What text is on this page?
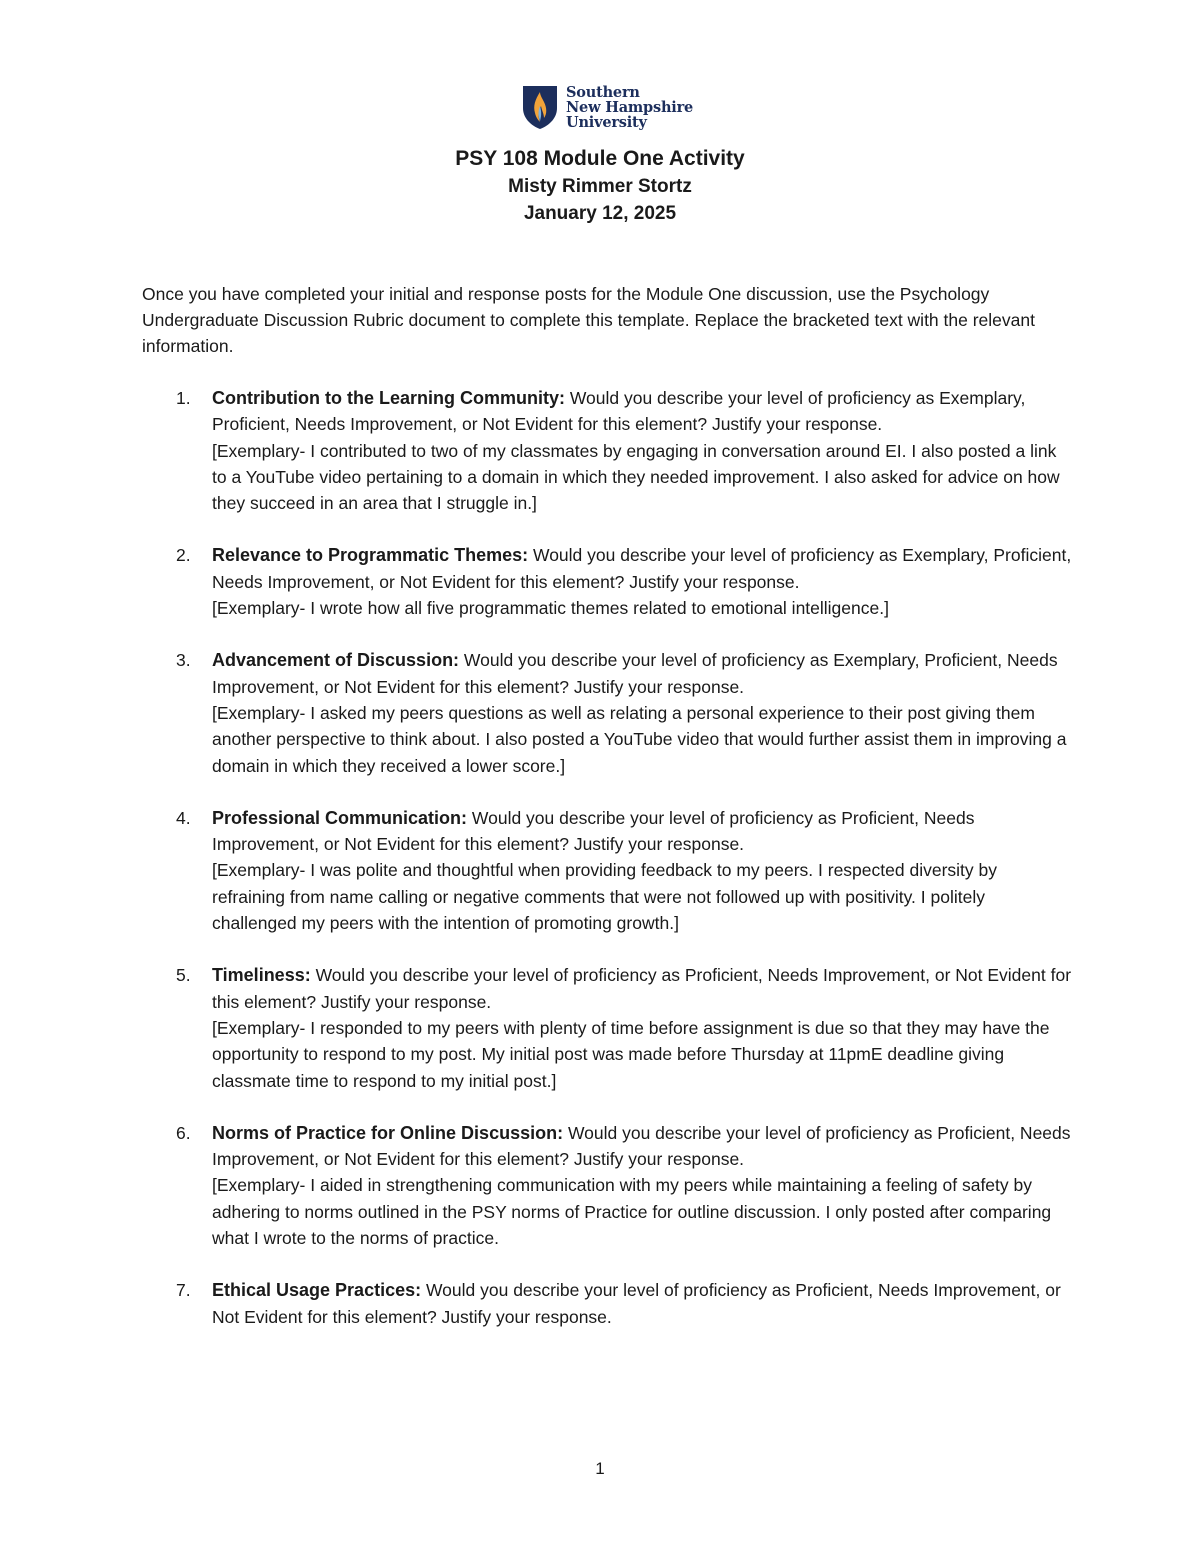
Southern
New Hampshire
University
PSY 108 Module One Activity
Misty Rimmer Stortz
January 12, 2025
Once you have completed your initial and response posts for the Module One discussion, use the Psychology Undergraduate Discussion Rubric document to complete this template. Replace the bracketed text with the relevant information.
1. Contribution to the Learning Community: Would you describe your level of proficiency as Exemplary, Proficient, Needs Improvement, or Not Evident for this element? Justify your response.
[Exemplary- I contributed to two of my classmates by engaging in conversation around EI. I also posted a link to a YouTube video pertaining to a domain in which they needed improvement. I also asked for advice on how they succeed in an area that I struggle in.]
2. Relevance to Programmatic Themes: Would you describe your level of proficiency as Exemplary, Proficient, Needs Improvement, or Not Evident for this element? Justify your response.
[Exemplary- I wrote how all five programmatic themes related to emotional intelligence.]
3. Advancement of Discussion: Would you describe your level of proficiency as Exemplary, Proficient, Needs Improvement, or Not Evident for this element? Justify your response.
[Exemplary- I asked my peers questions as well as relating a personal experience to their post giving them another perspective to think about. I also posted a YouTube video that would further assist them in improving a domain in which they received a lower score.]
4. Professional Communication: Would you describe your level of proficiency as Proficient, Needs Improvement, or Not Evident for this element? Justify your response.
[Exemplary- I was polite and thoughtful when providing feedback to my peers. I respected diversity by refraining from name calling or negative comments that were not followed up with positivity. I politely challenged my peers with the intention of promoting growth.]
5. Timeliness: Would you describe your level of proficiency as Proficient, Needs Improvement, or Not Evident for this element? Justify your response.
[Exemplary- I responded to my peers with plenty of time before assignment is due so that they may have the opportunity to respond to my post. My initial post was made before Thursday at 11pmE deadline giving classmate time to respond to my initial post.]
6. Norms of Practice for Online Discussion: Would you describe your level of proficiency as Proficient, Needs Improvement, or Not Evident for this element? Justify your response.
[Exemplary- I aided in strengthening communication with my peers while maintaining a feeling of safety by adhering to norms outlined in the PSY norms of Practice for outline discussion. I only posted after comparing what I wrote to the norms of practice.
7. Ethical Usage Practices: Would you describe your level of proficiency as Proficient, Needs Improvement, or Not Evident for this element? Justify your response.
1
